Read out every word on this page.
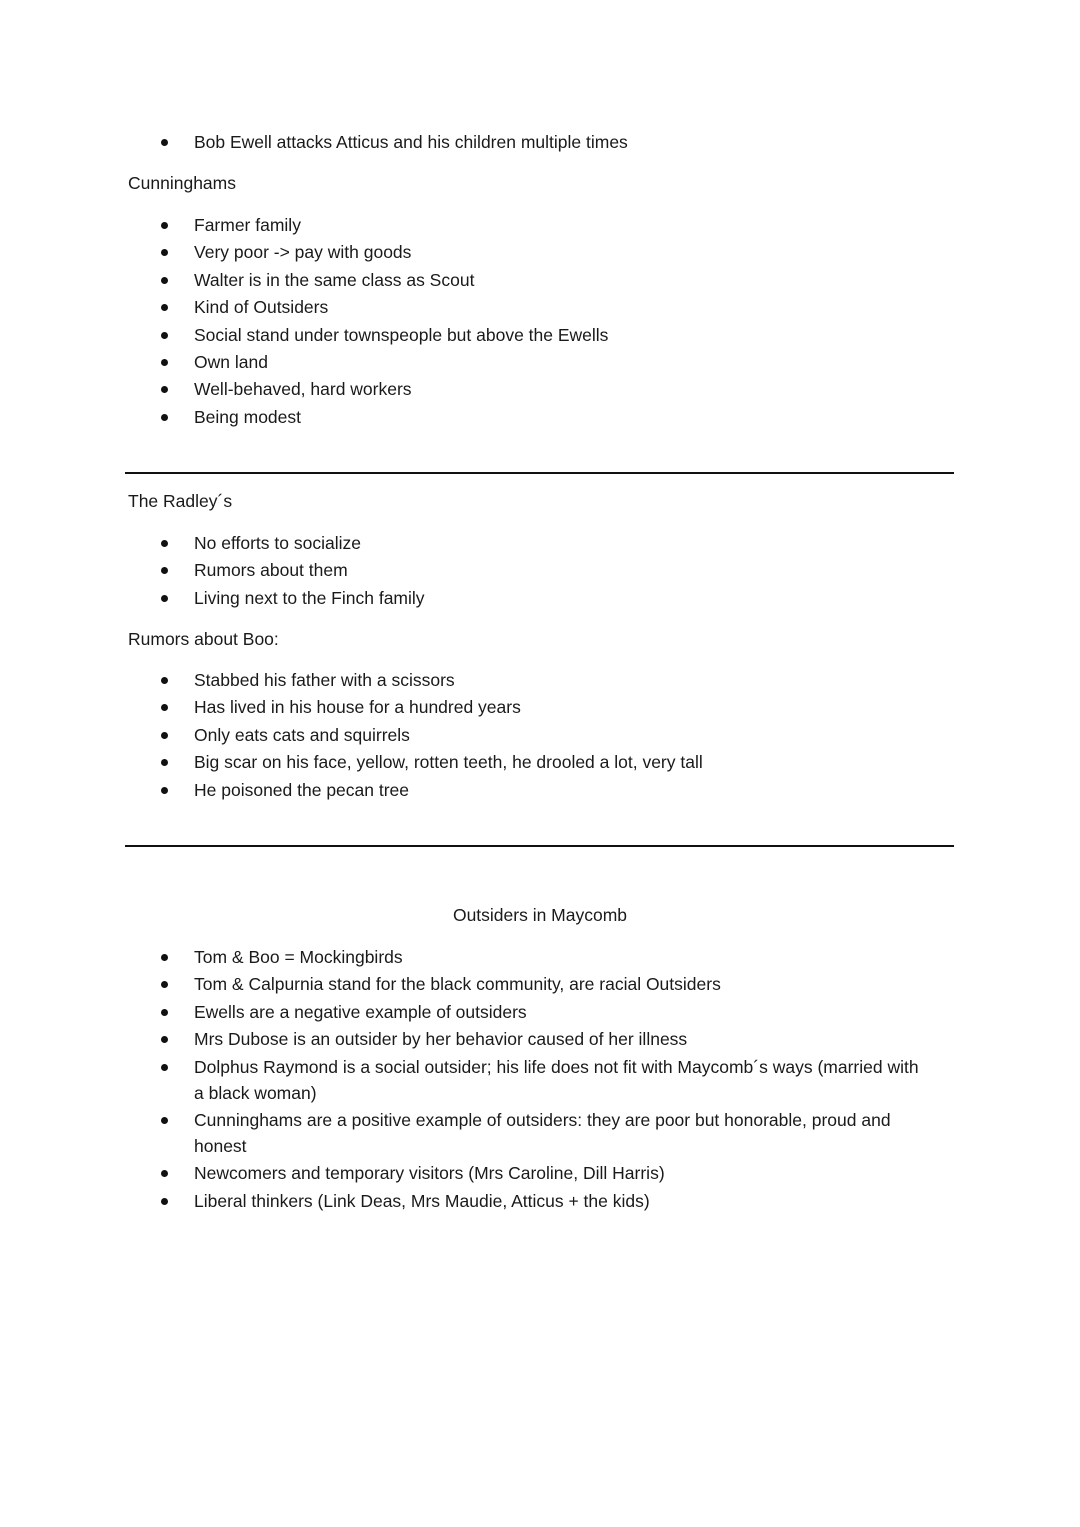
Bob Ewell attacks Atticus and his children multiple times
Cunninghams
Farmer family
Very poor -> pay with goods
Walter is in the same class as Scout
Kind of Outsiders
Social stand under townspeople but above the Ewells
Own land
Well-behaved, hard workers
Being modest
The Radley´s
No efforts to socialize
Rumors about them
Living next to the Finch family
Rumors about Boo:
Stabbed his father with a scissors
Has lived in his house for a hundred years
Only eats cats and squirrels
Big scar on his face, yellow, rotten teeth, he drooled a lot, very tall
He poisoned the pecan tree
Outsiders in Maycomb
Tom & Boo = Mockingbirds
Tom & Calpurnia stand for the black community, are racial Outsiders
Ewells are a negative example of outsiders
Mrs Dubose is an outsider by her behavior caused of her illness
Dolphus Raymond is a social outsider; his life does not fit with Maycomb´s ways (married with a black woman)
Cunninghams are a positive example of outsiders: they are poor but honorable, proud and honest
Newcomers and temporary visitors (Mrs Caroline, Dill Harris)
Liberal thinkers (Link Deas, Mrs Maudie, Atticus + the kids)
